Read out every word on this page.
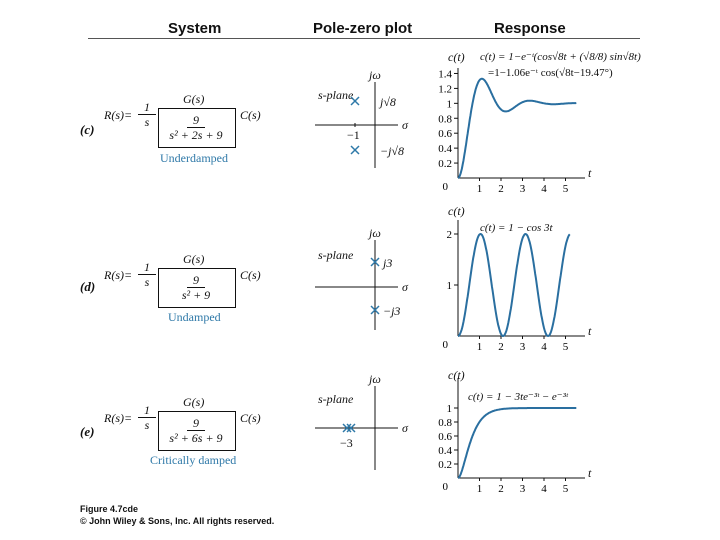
System	Pole-zero plot	Response
(c)
$R(s)= \frac{1}{s}$
G(s)
$\frac{9}{\text{s² + 2s + 9}} C(s)$
Underdamped
s-plane
jω
σ
j√8
−j√8
−1
1 2 3 4 5
1.4
1.2
1
0.8
0.6
0.4
0.2
0
c(t) c(t) = 1−e⁻ᵗ(cos√8t + (√8/8) sin√8t)
=1−1.06e⁻ᵗ cos(√8t−19.47°)
t
(d)
$R(s)= \frac{1}{s}$
G(s)
$\frac{9}{\text{s² + 9}} C(s)$
Undamped
s-plane
jω
σ
j3
−j3
1 2 3 4 5
2
1
0
c(t)
c(t) = 1 − cos 3t
t
(e)
$R(s)= \frac{1}{s}$
G(s)
$\frac{9}{\text{s² + 6s + 9}} C(s)$
Critically damped
s-plane
jω
σ
−3
1 2 3 4 5
1
0.8
0.6
0.4
0.2
0
c(t)
c(t) = 1 − 3te⁻³ᵗ − e⁻³ᵗ
t
Figure 4.7cde
© John Wiley & Sons, Inc. All rights reserved.
